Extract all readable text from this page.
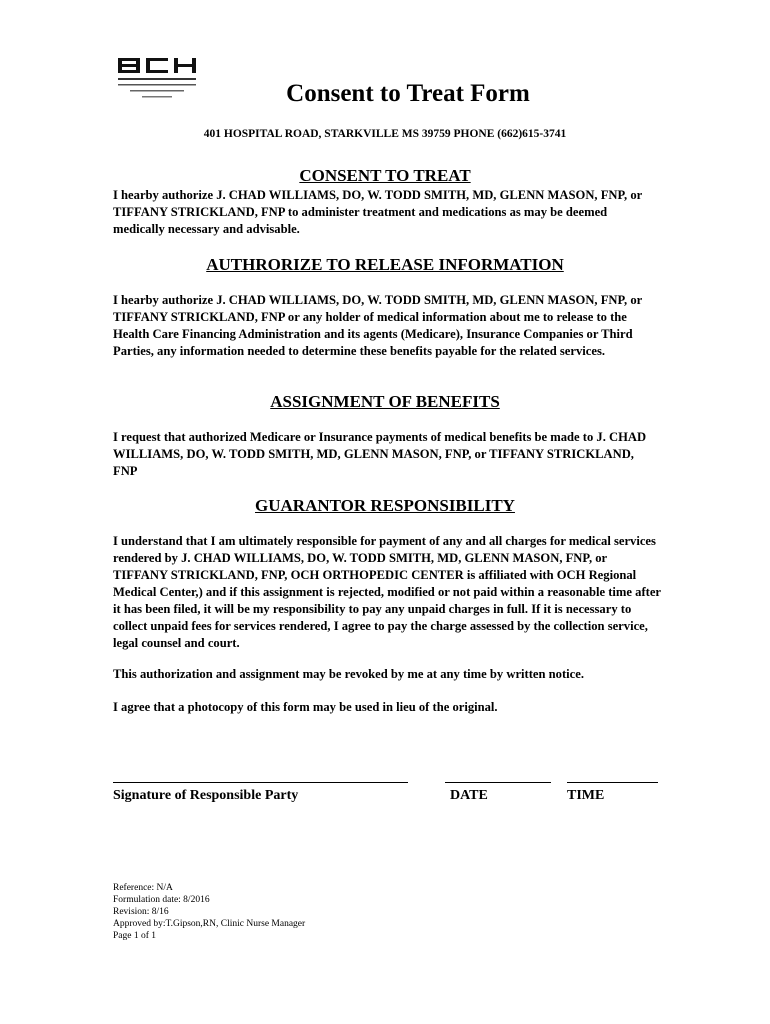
Consent to Treat Form
401 HOSPITAL ROAD, STARKVILLE MS 39759 PHONE (662)615-3741
CONSENT TO TREAT

I hearby authorize J. CHAD WILLIAMS, DO, W. TODD SMITH, MD, GLENN MASON, FNP, or TIFFANY STRICKLAND, FNP to administer treatment and medications as may be deemed medically necessary and advisable.

AUTHRORIZE TO RELEASE INFORMATION

I hearby authorize J. CHAD WILLIAMS, DO, W. TODD SMITH, MD, GLENN MASON, FNP, or TIFFANY STRICKLAND, FNP or any holder of medical information about me to release to the Health Care Financing Administration and its agents (Medicare), Insurance Companies or Third Parties, any information needed to determine these benefits payable for the related services.

ASSIGNMENT OF BENEFITS

I request that authorized Medicare or Insurance payments of medical benefits be made to J. CHAD WILLIAMS, DO, W. TODD SMITH, MD, GLENN MASON, FNP, or TIFFANY STRICKLAND, FNP

GUARANTOR RESPONSIBILITY

I understand that I am ultimately responsible for payment of any and all charges for medical services rendered by J. CHAD WILLIAMS, DO, W. TODD SMITH, MD, GLENN MASON, FNP, or TIFFANY STRICKLAND, FNP, OCH ORTHOPEDIC CENTER is affiliated with OCH Regional Medical Center,) and if this assignment is rejected, modified or not paid within a reasonable time after it has been filed, it will be my responsibility to pay any unpaid charges in full. If it is necessary to collect unpaid fees for services rendered, I agree to pay the charge assessed by the collection service, legal counsel and court.

This authorization and assignment may be revoked by me at any time by written notice.

I agree that a photocopy of this form may be used in lieu of the original.

Signature of Responsible Party	DATE	TIME
Reference: N/A
Formulation date: 8/2016
Revision: 8/16
Approved by:T.Gipson,RN, Clinic Nurse Manager
Page 1 of 1
